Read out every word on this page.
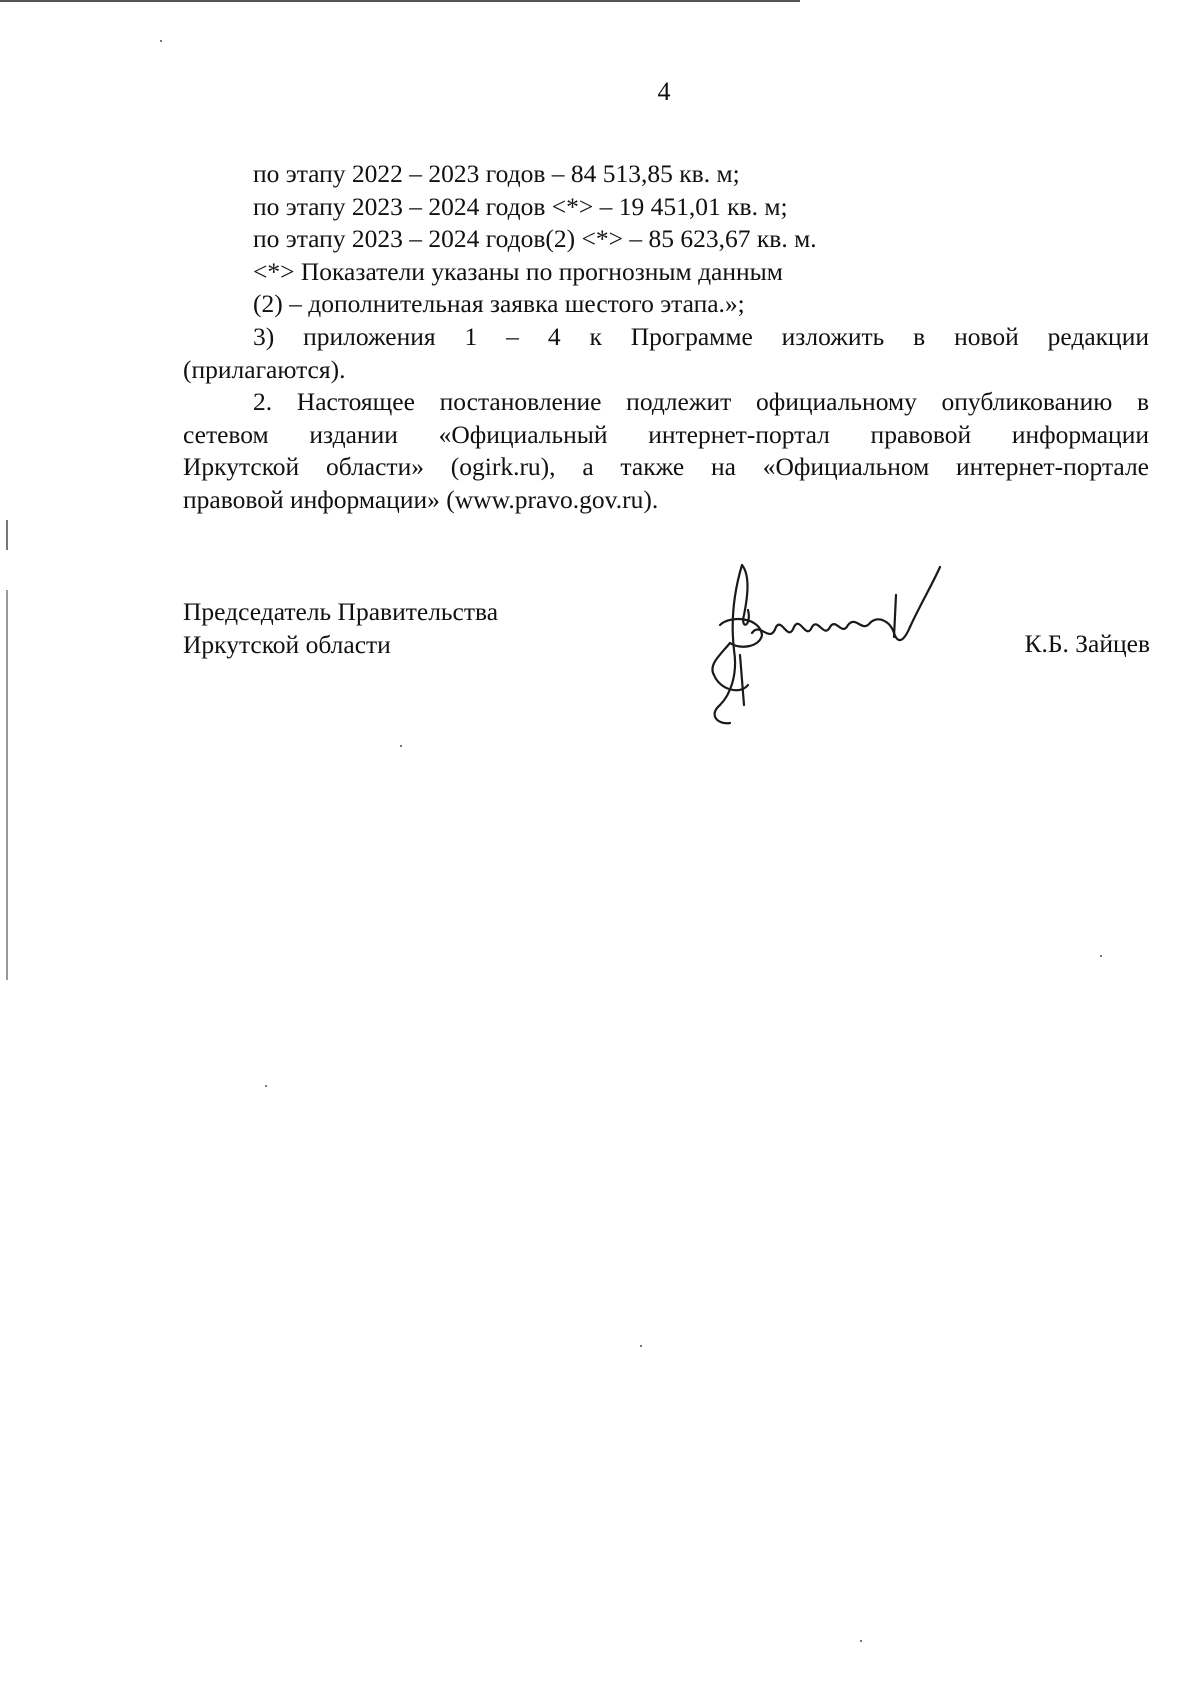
4
по этапу 2022 – 2023 годов – 84 513,85 кв. м;
по этапу 2023 – 2024 годов <*> – 19 451,01 кв. м;
по этапу 2023 – 2024 годов(2) <*> – 85 623,67 кв. м.
<*> Показатели указаны по прогнозным данным
(2) – дополнительная заявка шестого этапа.»;
3) приложения 1 – 4 к Программе изложить в новой редакции
(прилагаются).
2. Настоящее постановление подлежит официальному опубликованию в
сетевом издании «Официальный интернет-портал правовой информации
Иркутской области» (ogirk.ru), а также на «Официальном интернет-портале
правовой информации» (www.pravo.gov.ru).
Председатель Правительства
Иркутской области	К.Б. Зайцев
